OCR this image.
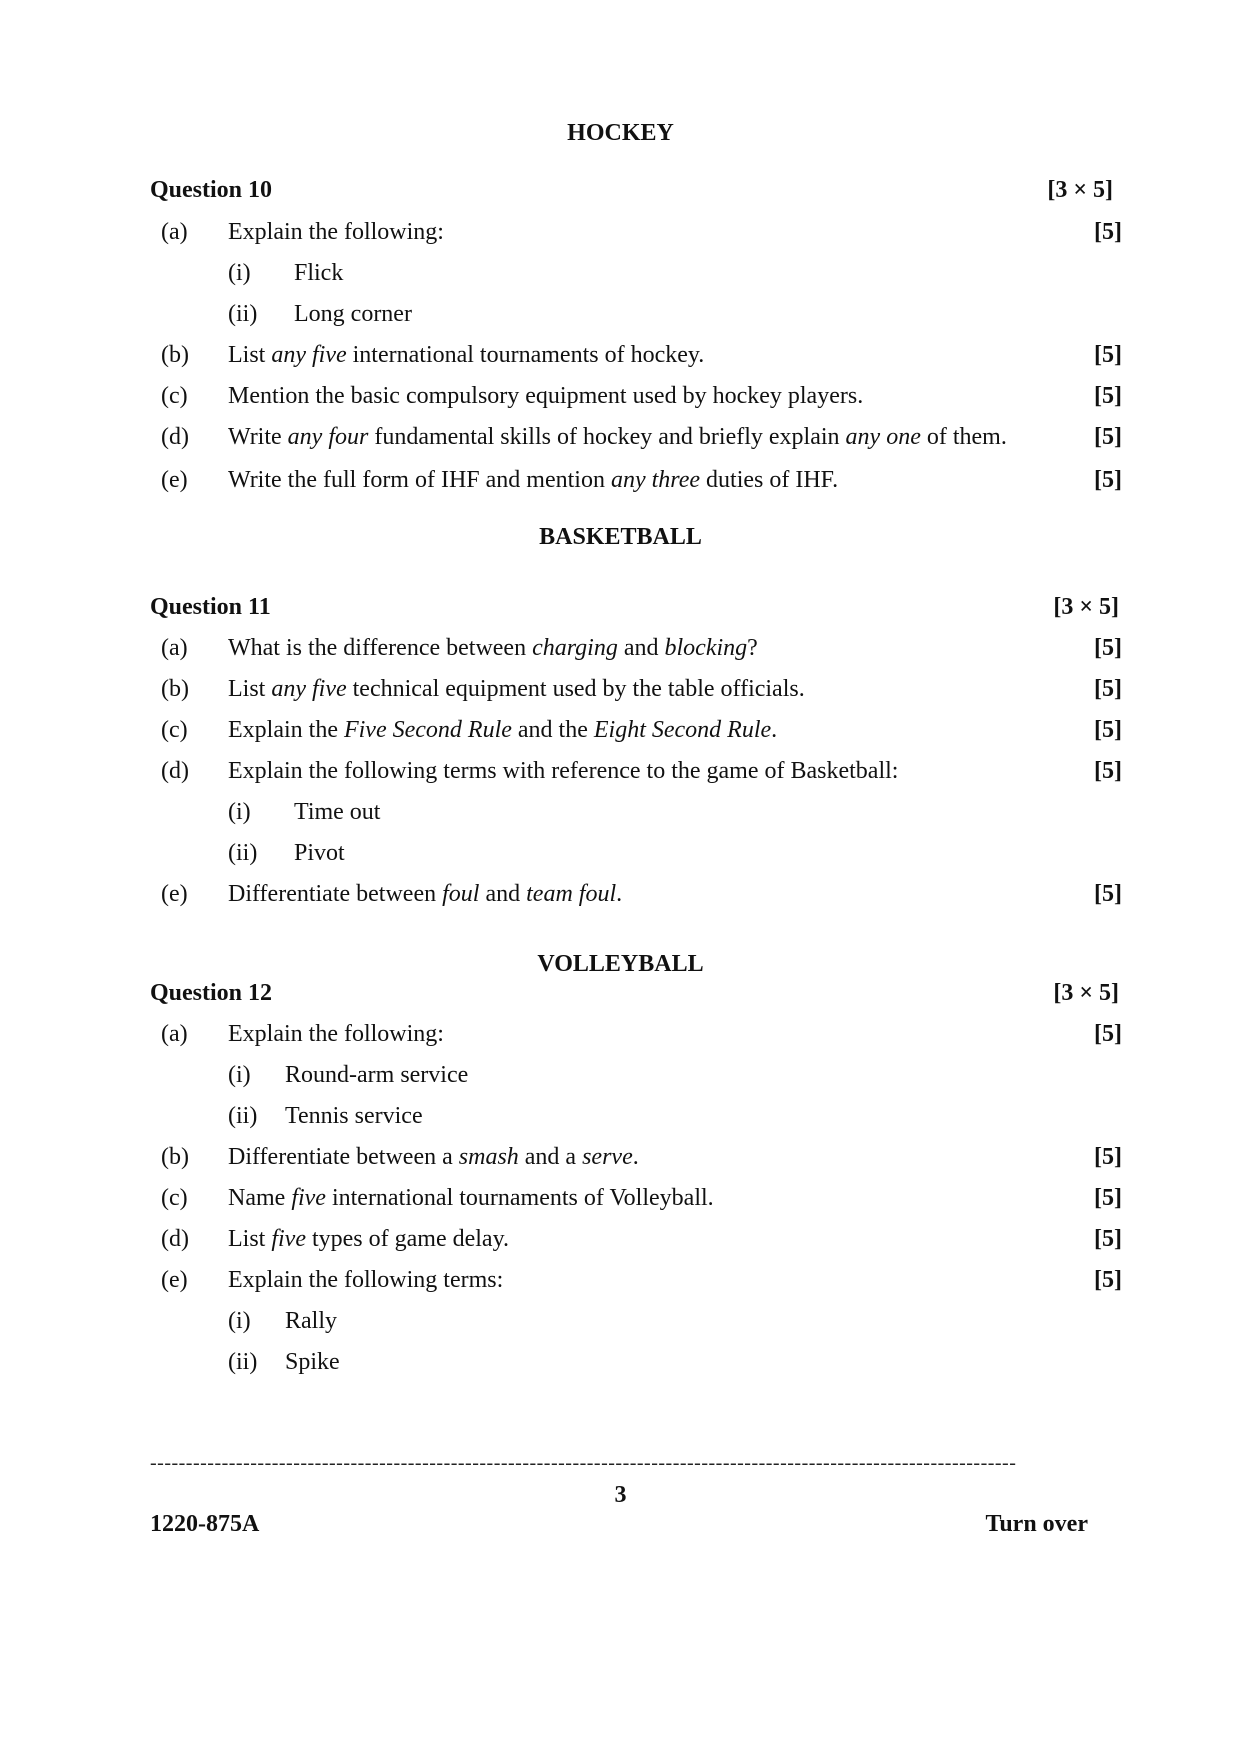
HOCKEY
Question 10	[3 × 5]
(a) Explain the following:	[5]
(i) Flick
(ii) Long corner
(b) List any five international tournaments of hockey.	[5]
(c) Mention the basic compulsory equipment used by hockey players.	[5]
(d) Write any four fundamental skills of hockey and briefly explain any one of them.	[5]
(e) Write the full form of IHF and mention any three duties of IHF.	[5]
BASKETBALL
Question 11	[3 × 5]
(a) What is the difference between charging and blocking?	[5]
(b) List any five technical equipment used by the table officials.	[5]
(c) Explain the Five Second Rule and the Eight Second Rule.	[5]
(d) Explain the following terms with reference to the game of Basketball:	[5]
(i) Time out
(ii) Pivot
(e) Differentiate between foul and team foul.	[5]
VOLLEYBALL
Question 12	[3 × 5]
(a) Explain the following:	[5]
(i) Round-arm service
(ii) Tennis service
(b) Differentiate between a smash and a serve.	[5]
(c) Name five international tournaments of Volleyball.	[5]
(d) List five types of game delay.	[5]
(e) Explain the following terms:	[5]
(i) Rally
(ii) Spike
-------------------------------------------------------------------------------------------------------------------------
3
1220-875A	Turn over
